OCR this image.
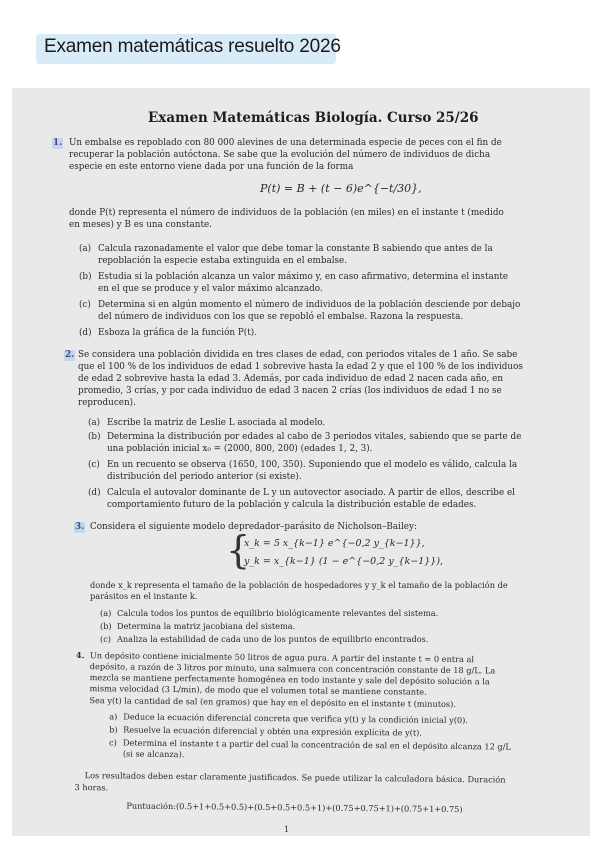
Examen matemáticas resuelto 2026
Examen Matemáticas Biología. Curso 25/26
1. Un embalse es repoblado con 80 000 alevines de una determinada especie de peces con el fin de
recuperar la población autóctona. Se sabe que la evolución del número de individuos de dicha
especie en este entorno viene dada por una función de la forma
P(t) = B + (t − 6)e^{−t/30},
donde P(t) representa el número de individuos de la población (en miles) en el instante t (medido
en meses) y B es una constante.
(a) Calcula razonadamente el valor que debe tomar la constante B sabiendo que antes de la
repoblación la especie estaba extinguida en el embalse.
(b) Estudia si la población alcanza un valor máximo y, en caso afirmativo, determina el instante
en el que se produce y el valor máximo alcanzado.
(c) Determina si en algún momento el número de individuos de la población desciende por debajo
del número de individuos con los que se repobló el embalse. Razona la respuesta.
(d) Esboza la gráfica de la función P(t).
2. Se considera una población dividida en tres clases de edad, con periodos vitales de 1 año. Se sabe
que el 100 % de los individuos de edad 1 sobrevive hasta la edad 2 y que el 100 % de los individuos
de edad 2 sobrevive hasta la edad 3. Además, por cada individuo de edad 2 nacen cada año, en
promedio, 3 crías, y por cada individuo de edad 3 nacen 2 crías (los individuos de edad 1 no se
reproducen).
(a) Escribe la matriz de Leslie L asociada al modelo.
(b) Determina la distribución por edades al cabo de 3 periodos vitales, sabiendo que se parte de
una población inicial x₀ = (2000, 800, 200) (edades 1, 2, 3).
(c) En un recuento se observa (1650, 100, 350). Suponiendo que el modelo es válido, calcula la
distribución del periodo anterior (si existe).
(d) Calcula el autovalor dominante de L y un autovector asociado. A partir de ellos, describe el
comportamiento futuro de la población y calcula la distribución estable de edades.
3. Considera el siguiente modelo depredador–parásito de Nicholson–Bailey:
{
x_k = 5 x_{k−1} e^{−0,2 y_{k−1}},
y_k = x_{k−1} (1 − e^{−0,2 y_{k−1}}),
donde x_k representa el tamaño de la población de hospedadores y y_k el tamaño de la población de
parásitos en el instante k.
(a) Calcula todos los puntos de equilibrio biológicamente relevantes del sistema.
(b) Determina la matriz jacobiana del sistema.
(c) Analiza la estabilidad de cada uno de los puntos de equilibrio encontrados.
4. Un depósito contiene inicialmente 50 litros de agua pura. A partir del instante t = 0 entra al
depósito, a razón de 3 litros por minuto, una salmuera con concentración constante de 18 g/L. La
mezcla se mantiene perfectamente homogénea en todo instante y sale del depósito solución a la
misma velocidad (3 L/min), de modo que el volumen total se mantiene constante.
Sea y(t) la cantidad de sal (en gramos) que hay en el depósito en el instante t (minutos).
a) Deduce la ecuación diferencial concreta que verifica y(t) y la condición inicial y(0).
b) Resuelve la ecuación diferencial y obtén una expresión explícita de y(t).
c) Determina el instante t a partir del cual la concentración de sal en el depósito alcanza 12 g/L
(si se alcanza).
Los resultados deben estar claramente justificados. Se puede utilizar la calculadora básica. Duración
3 horas.
Puntuación:(0.5+1+0.5+0.5)+(0.5+0.5+0.5+1)+(0.75+0.75+1)+(0.75+1+0.75)
1
